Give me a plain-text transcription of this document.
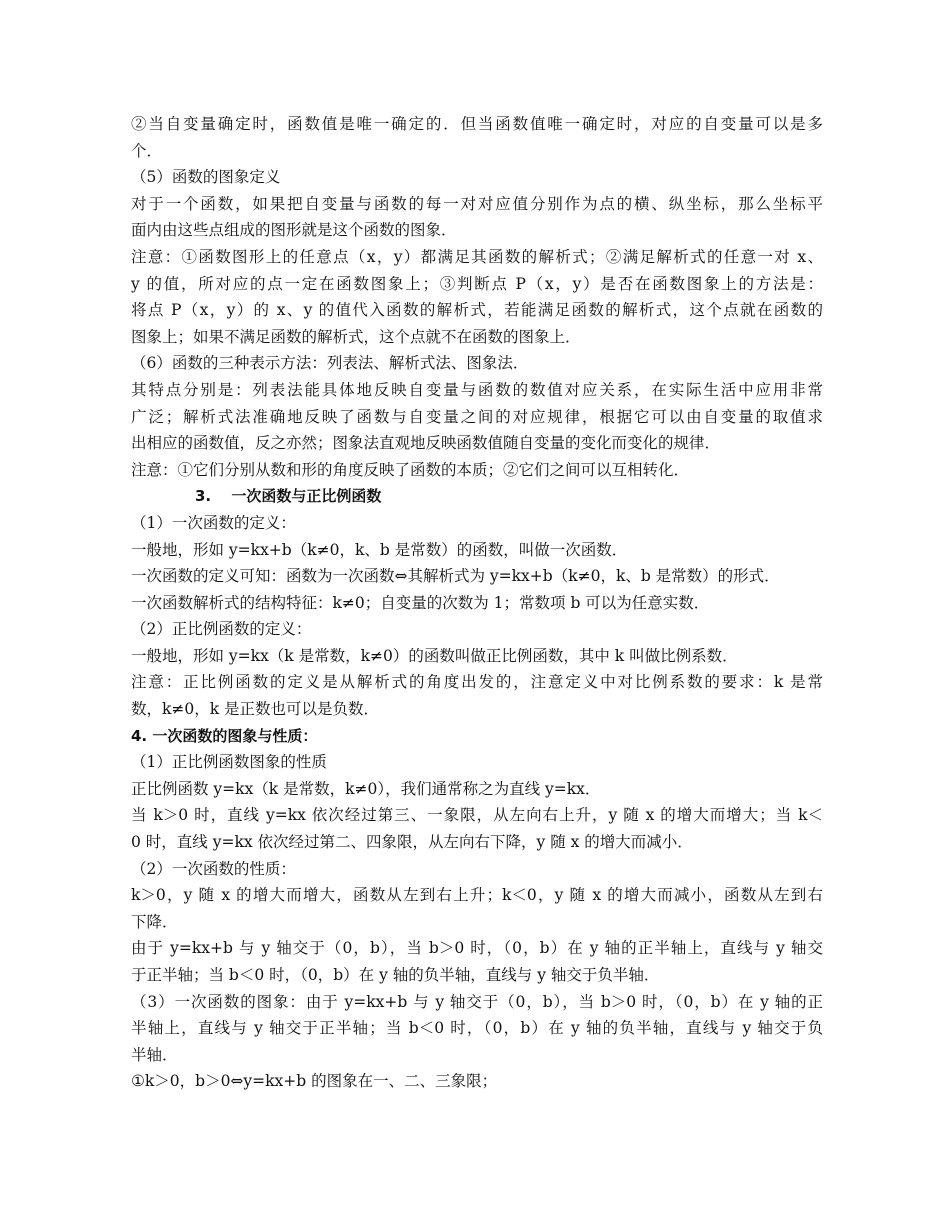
②当自变量确定时，函数值是唯一确定的．但当函数值唯一确定时，对应的自变量可以是多
个．
（5）函数的图象定义
对于一个函数，如果把自变量与函数的每一对对应值分别作为点的横、纵坐标，那么坐标平
面内由这些点组成的图形就是这个函数的图象．
注意：①函数图形上的任意点（x，y）都满足其函数的解析式；②满足解析式的任意一对 x、
y 的值，所对应的点一定在函数图象上；③判断点 P（x，y）是否在函数图象上的方法是：
将点 P（x，y）的 x、y 的值代入函数的解析式，若能满足函数的解析式，这个点就在函数的
图象上；如果不满足函数的解析式，这个点就不在函数的图象上．
（6）函数的三种表示方法：列表法、解析式法、图象法．
其特点分别是：列表法能具体地反映自变量与函数的数值对应关系，在实际生活中应用非常
广泛；解析式法准确地反映了函数与自变量之间的对应规律，根据它可以由自变量的取值求
出相应的函数值，反之亦然；图象法直观地反映函数值随自变量的变化而变化的规律．
注意：①它们分别从数和形的角度反映了函数的本质；②它们之间可以互相转化．
3.　 一次函数与正比例函数
（1）一次函数的定义：
一般地，形如 y=kx+b（k≠0，k、b 是常数）的函数，叫做一次函数．
一次函数的定义可知：函数为一次函数⇔其解析式为 y=kx+b（k≠0，k、b 是常数）的形式．
一次函数解析式的结构特征：k≠0；自变量的次数为 1；常数项 b 可以为任意实数．
（2）正比例函数的定义：
一般地，形如 y=kx（k 是常数，k≠0）的函数叫做正比例函数，其中 k 叫做比例系数．
注意：正比例函数的定义是从解析式的角度出发的，注意定义中对比例系数的要求：k 是常
数，k≠0，k 是正数也可以是负数．
4. 一次函数的图象与性质：
（1）正比例函数图象的性质
正比例函数 y=kx（k 是常数，k≠0），我们通常称之为直线 y=kx．
当 k＞0 时，直线 y=kx 依次经过第三、一象限，从左向右上升，y 随 x 的增大而增大；当 k＜
0 时，直线 y=kx 依次经过第二、四象限，从左向右下降，y 随 x 的增大而减小．
（2）一次函数的性质：
k＞0，y 随 x 的增大而增大，函数从左到右上升；k＜0，y 随 x 的增大而减小，函数从左到右
下降．
由于 y=kx+b 与 y 轴交于（0，b），当 b＞0 时，（0，b）在 y 轴的正半轴上，直线与 y 轴交
于正半轴；当 b＜0 时，（0，b）在 y 轴的负半轴，直线与 y 轴交于负半轴．
（3）一次函数的图象：由于 y=kx+b 与 y 轴交于（0，b），当 b＞0 时，（0，b）在 y 轴的正
半轴上，直线与 y 轴交于正半轴；当 b＜0 时，（0，b）在 y 轴的负半轴，直线与 y 轴交于负
半轴．
①k＞0，b＞0⇔y=kx+b 的图象在一、二、三象限；
